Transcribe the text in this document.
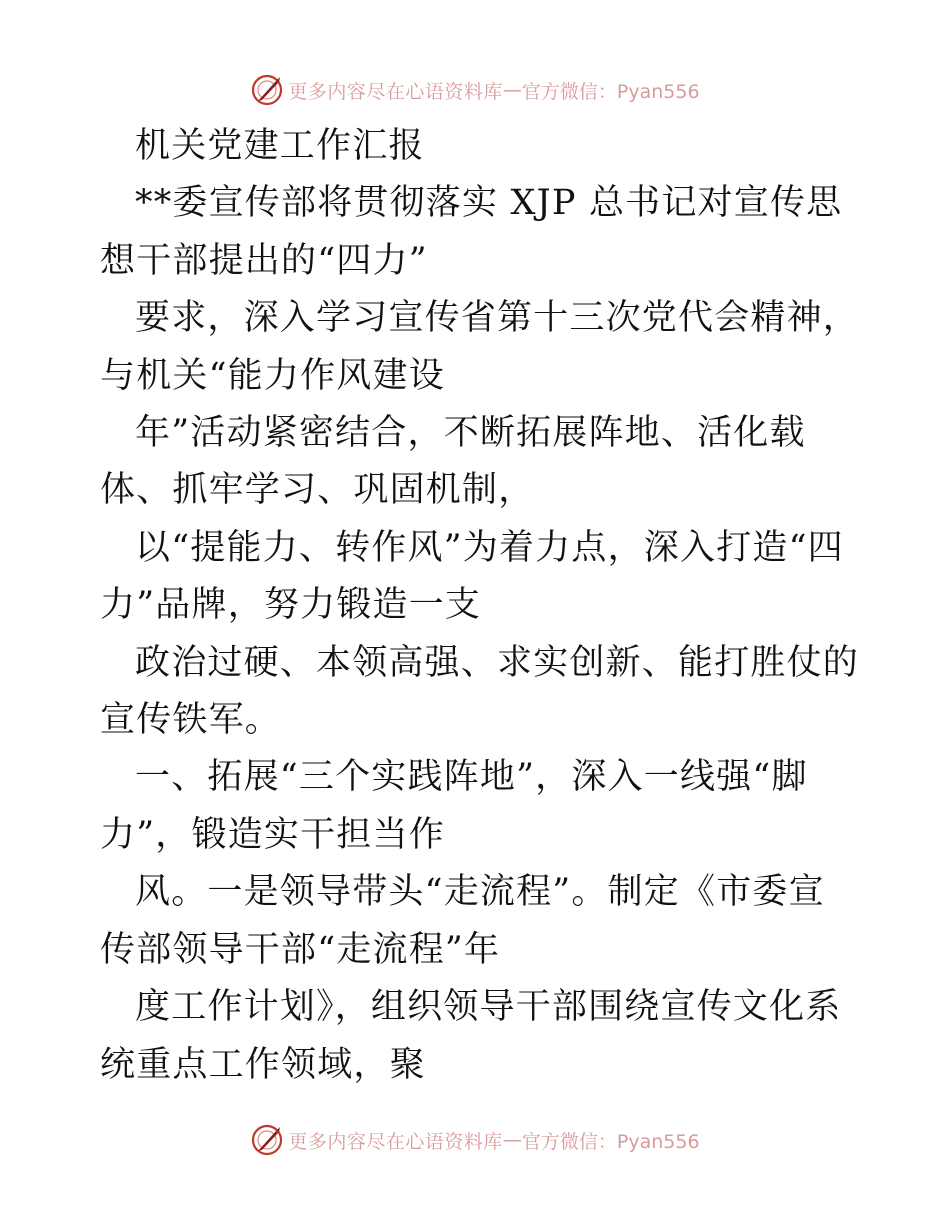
更多内容尽在心语资料库 — 官方微信：Pyan556

机关党建工作汇报

**委宣传部将贯彻落实 XJP 总书记对宣传思想干部提出的“四力”

要求，深入学习宣传省第十三次党代会精神，与机关“能力作风建设

年”活动紧密结合，不断拓展阵地、活化载体、抓牢学习、巩固机制，

以“提能力、转作风”为着力点，深入打造“四力”品牌，努力锻造一支

政治过硬、本领高强、求实创新、能打胜仗的宣传铁军。

一、拓展“三个实践阵地”，深入一线强“脚力”，锻造实干担当作

风。一是领导带头“走流程”。制定《市委宣传部领导干部“走流程”年

度工作计划》，组织领导干部围绕宣传文化系统重点工作领域，聚

更多内容尽在心语资料库 — 官方微信：Pyan556
